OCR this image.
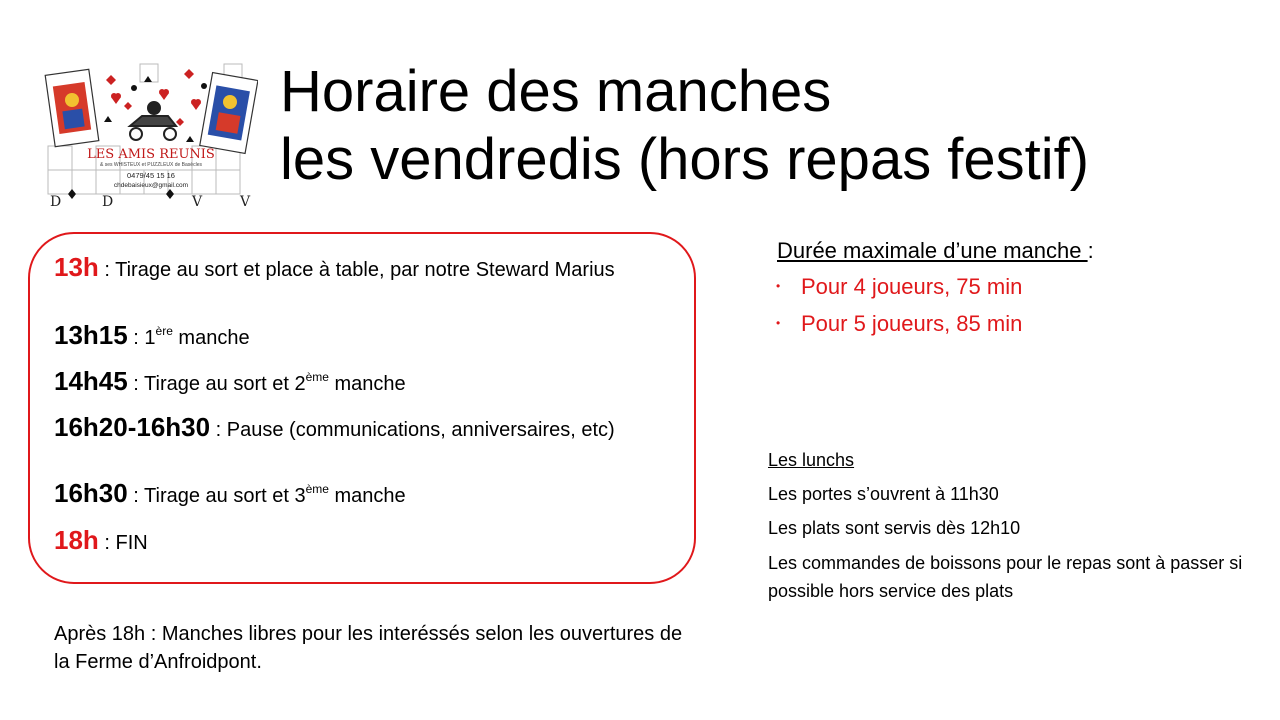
LES AMIS REUNIS
& ses WHISTEUX et PUZZLEUX de Basècles
0479/45 15 16
chdebaisieux@gmail.com
D	D	V	V
Horaire des manches
les vendredis (hors repas festif)
13h : Tirage au sort et place à table, par notre Steward Marius
13h15 : 1ère manche
14h45 : Tirage au sort et 2ème manche
16h20-16h30 : Pause (communications, anniversaires, etc)
16h30 : Tirage au sort et 3ème manche
18h : FIN
Durée maximale d’une manche :
• Pour 4 joueurs, 75 min
• Pour 5 joueurs, 85 min
Les lunchs
Les portes s’ouvrent à 11h30
Les plats sont servis dès 12h10
Les commandes de boissons pour le repas sont à passer si possible hors service des plats
Après 18h : Manches libres pour les interéssés selon les ouvertures de la Ferme d’Anfroidpont.
